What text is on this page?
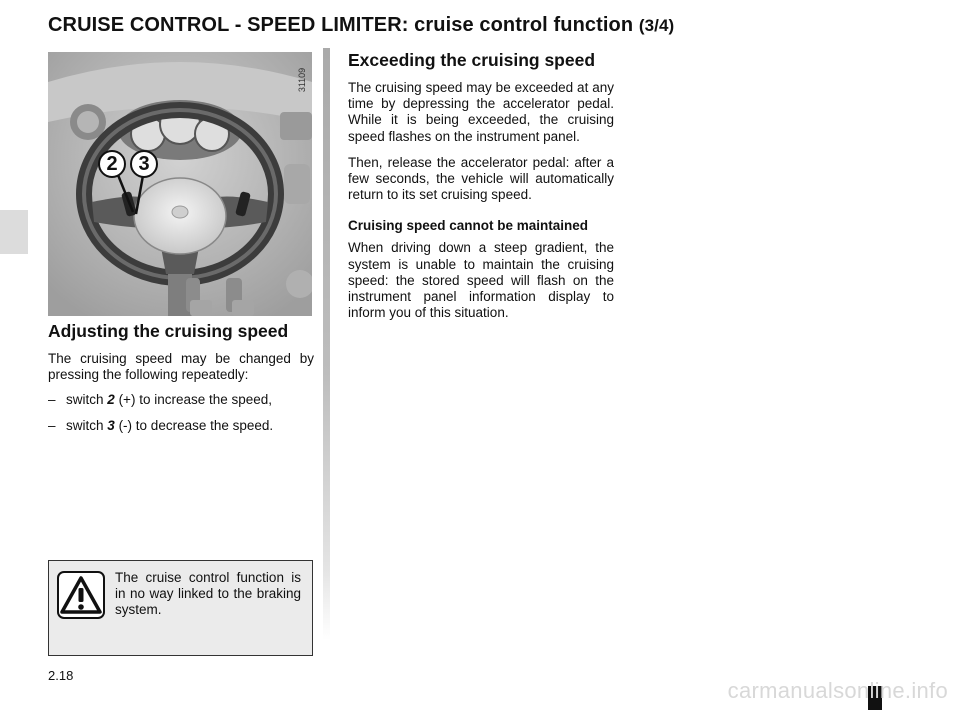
CRUISE CONTROL - SPEED LIMITER: cruise control function (3/4)
31109
2	3
Adjusting the cruising speed

The cruising speed may be changed by pressing the following repeatedly:

– switch 2 (+) to increase the speed,
– switch 3 (-) to decrease the speed.
Exceeding the cruising speed

The cruising speed may be exceeded at any time by depressing the accelerator pedal. While it is being exceeded, the cruising speed flashes on the instrument panel.

Then, release the accelerator pedal: after a few seconds, the vehicle will automatically return to its set cruising speed.

Cruising speed cannot be maintained

When driving down a steep gradient, the system is unable to maintain the cruising speed: the stored speed will flash on the instrument panel information display to inform you of this situation.

The cruise control function is in no way linked to the braking system.

2.18
carmanualsonline.info
